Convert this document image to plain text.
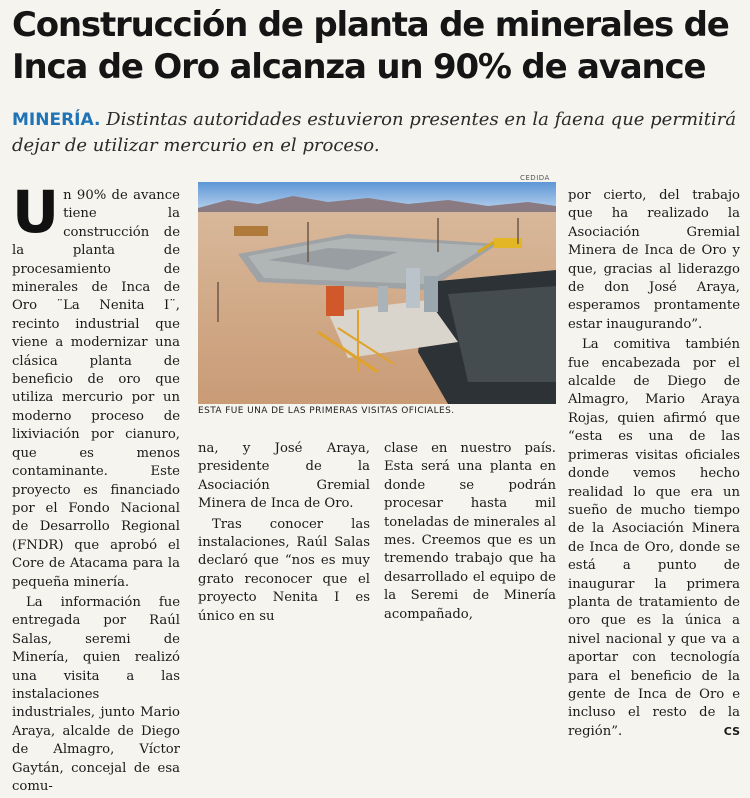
Construcción de planta de minerales de
Inca de Oro alcanza un 90% de avance
MINERÍA. Distintas autoridades estuvieron presentes en la faena que permitirá dejar de utilizar mercurio en el proceso.

Un 90% de avance tiene la construcción de la planta de procesamiento de minerales de Inca de Oro ¨La Nenita I¨, recinto industrial que viene a modernizar una clásica planta de beneficio de oro que utiliza mercurio por un moderno proceso de lixiviación por cianuro, que es menos contaminante. Este proyecto es financiado por el Fondo Nacional de Desarrollo Regional (FNDR) que aprobó el Core de Atacama para la pequeña minería.

La información fue entregada por Raúl Salas, seremi de Minería, quien realizó una visita a las instalaciones industriales, junto Mario Araya, alcalde de Diego de Almagro, Víctor Gaytán, concejal de esa comu-

CEDIDA
ESTA FUE UNA DE LAS PRIMERAS VISITAS OFICIALES.

na, y José Araya, presidente de la Asociación Gremial Minera de Inca de Oro.

Tras conocer las instalaciones, Raúl Salas declaró que “nos es muy grato reconocer que el proyecto Nenita I es único en su

clase en nuestro país. Esta será una planta en donde se podrán procesar hasta mil toneladas de minerales al mes. Creemos que es un tremendo trabajo que ha desarrollado el equipo de la Seremi de Minería acompañado,

por cierto, del trabajo que ha realizado la Asociación Gremial Minera de Inca de Oro y que, gracias al liderazgo de don José Araya, esperamos prontamente estar inaugurando”.

La comitiva también fue encabezada por el alcalde de Diego de Almagro, Mario Araya Rojas, quien afirmó que “esta es una de las primeras visitas oficiales donde vemos hecho realidad lo que era un sueño de mucho tiempo de la Asociación Minera de Inca de Oro, donde se está a punto de inaugurar la primera planta de tratamiento de oro que es la única a nivel nacional y que va a aportar con tecnología para el beneficio de la gente de Inca de Oro e incluso el resto de la región”.	CS
